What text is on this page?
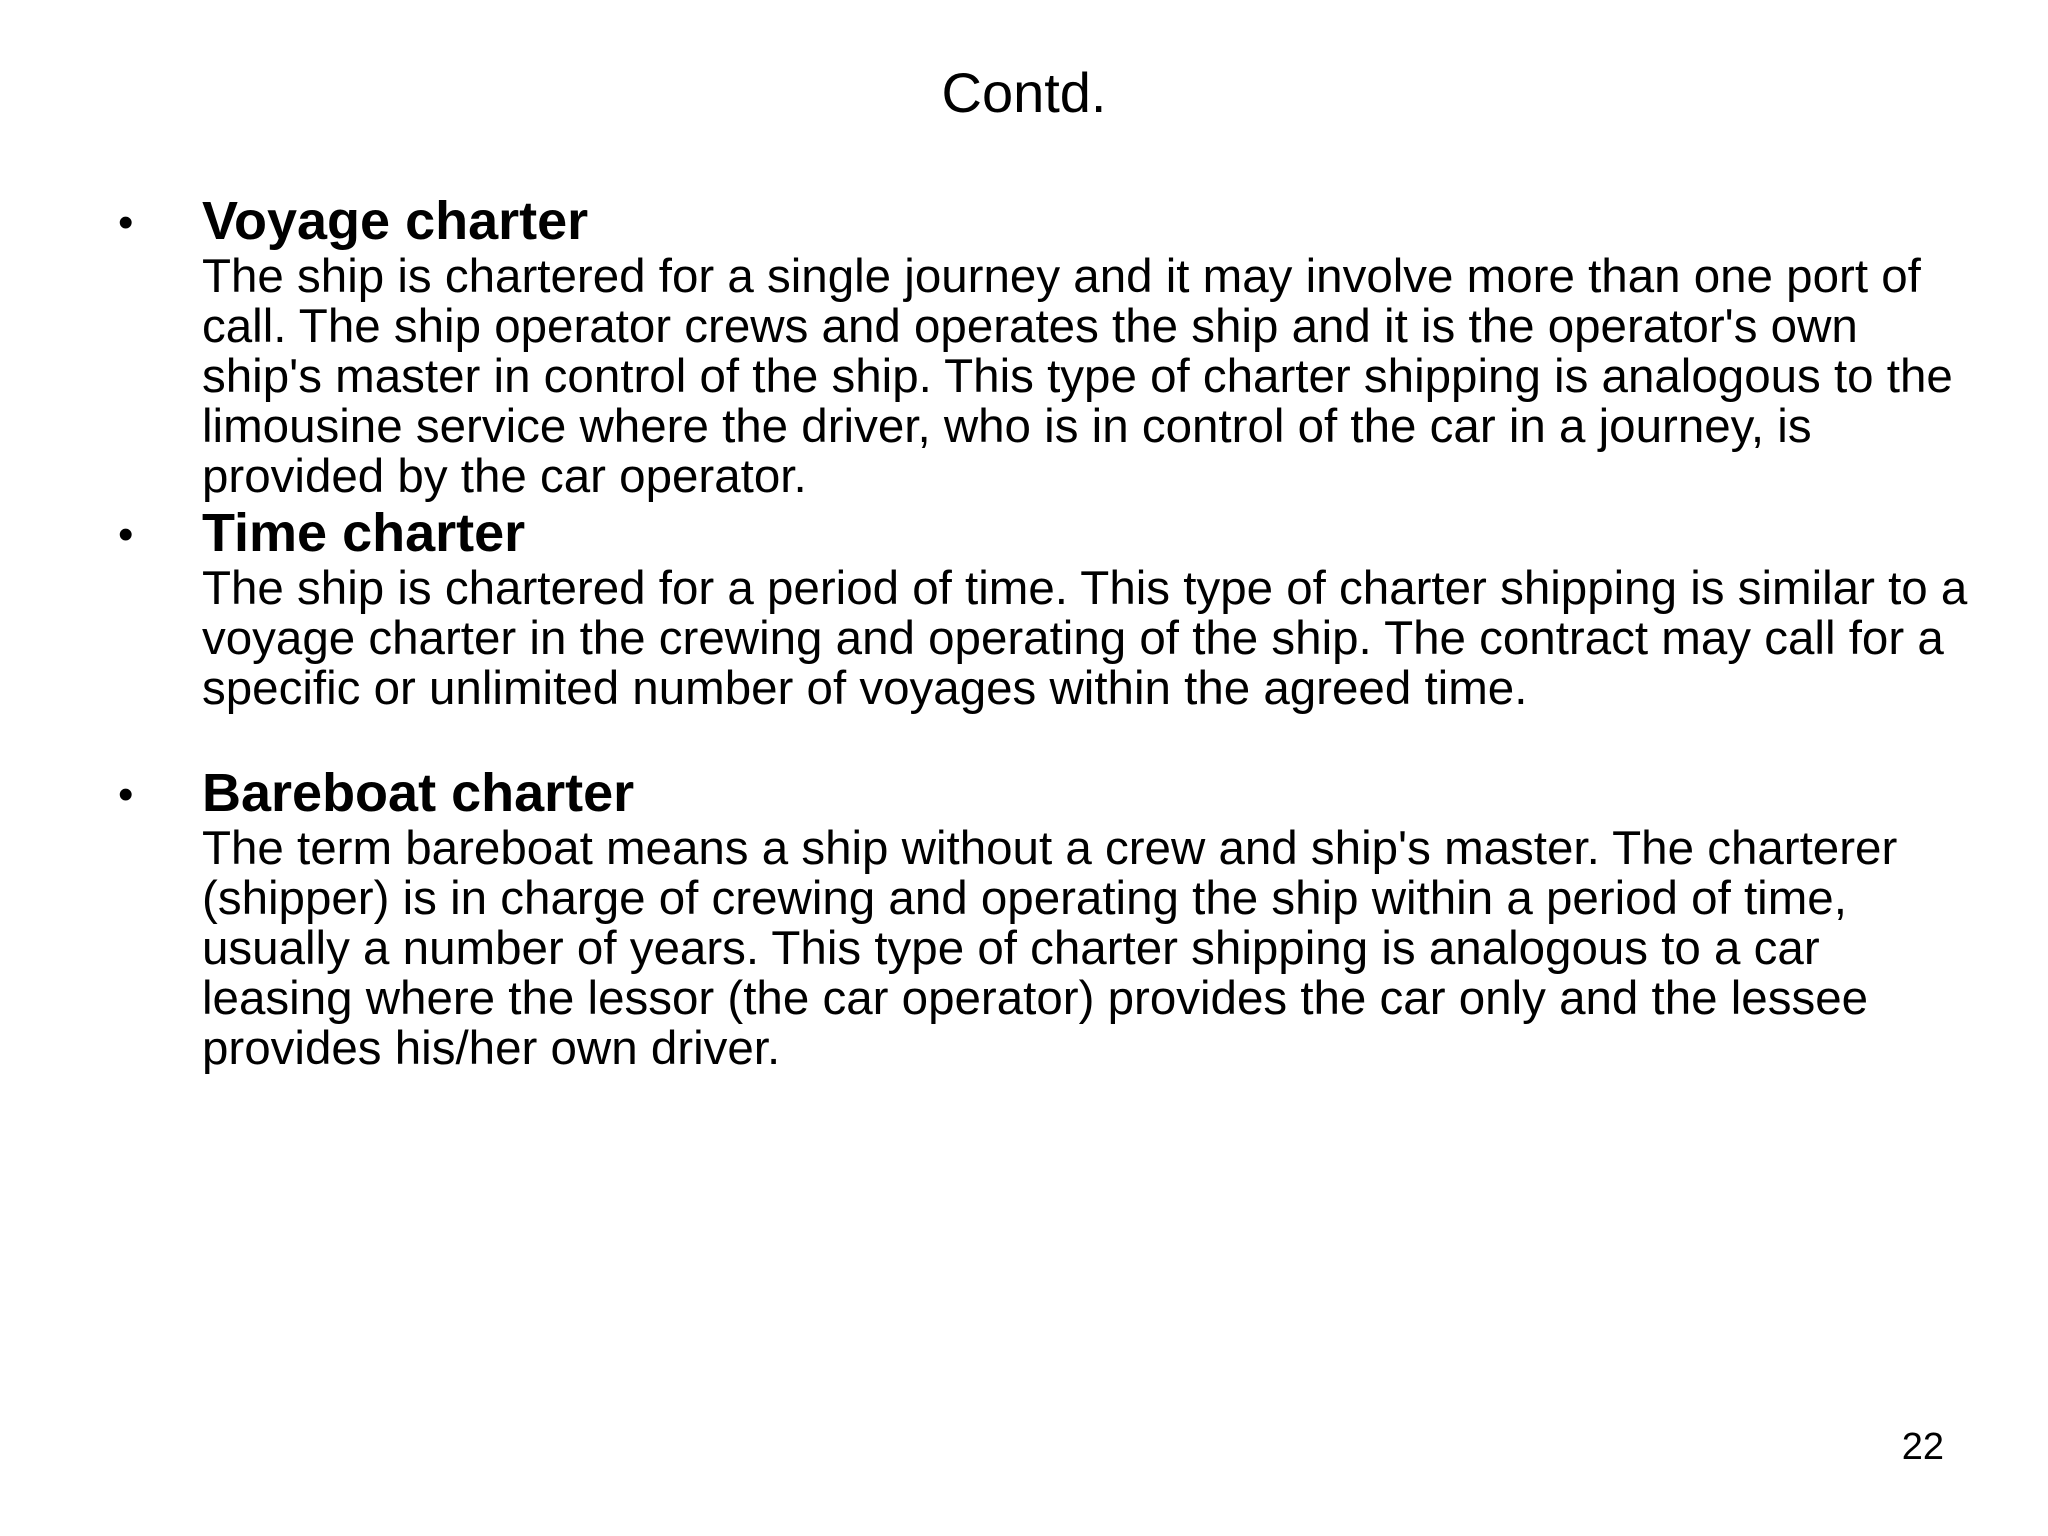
Contd.
• Voyage charter
The ship is chartered for a single journey and it may involve more than one port of call. The ship operator crews and operates the ship and it is the operator's own ship's master in control of the ship. This type of charter shipping is analogous to the limousine service where the driver, who is in control of the car in a journey, is provided by the car operator.
• Time charter
The ship is chartered for a period of time. This type of charter shipping is similar to a voyage charter in the crewing and operating of the ship. The contract may call for a specific or unlimited number of voyages within the agreed time.
• Bareboat charter
The term bareboat means a ship without a crew and ship's master. The charterer (shipper) is in charge of crewing and operating the ship within a period of time, usually a number of years. This type of charter shipping is analogous to a car leasing where the lessor (the car operator) provides the car only and the lessee provides his/her own driver.
22
